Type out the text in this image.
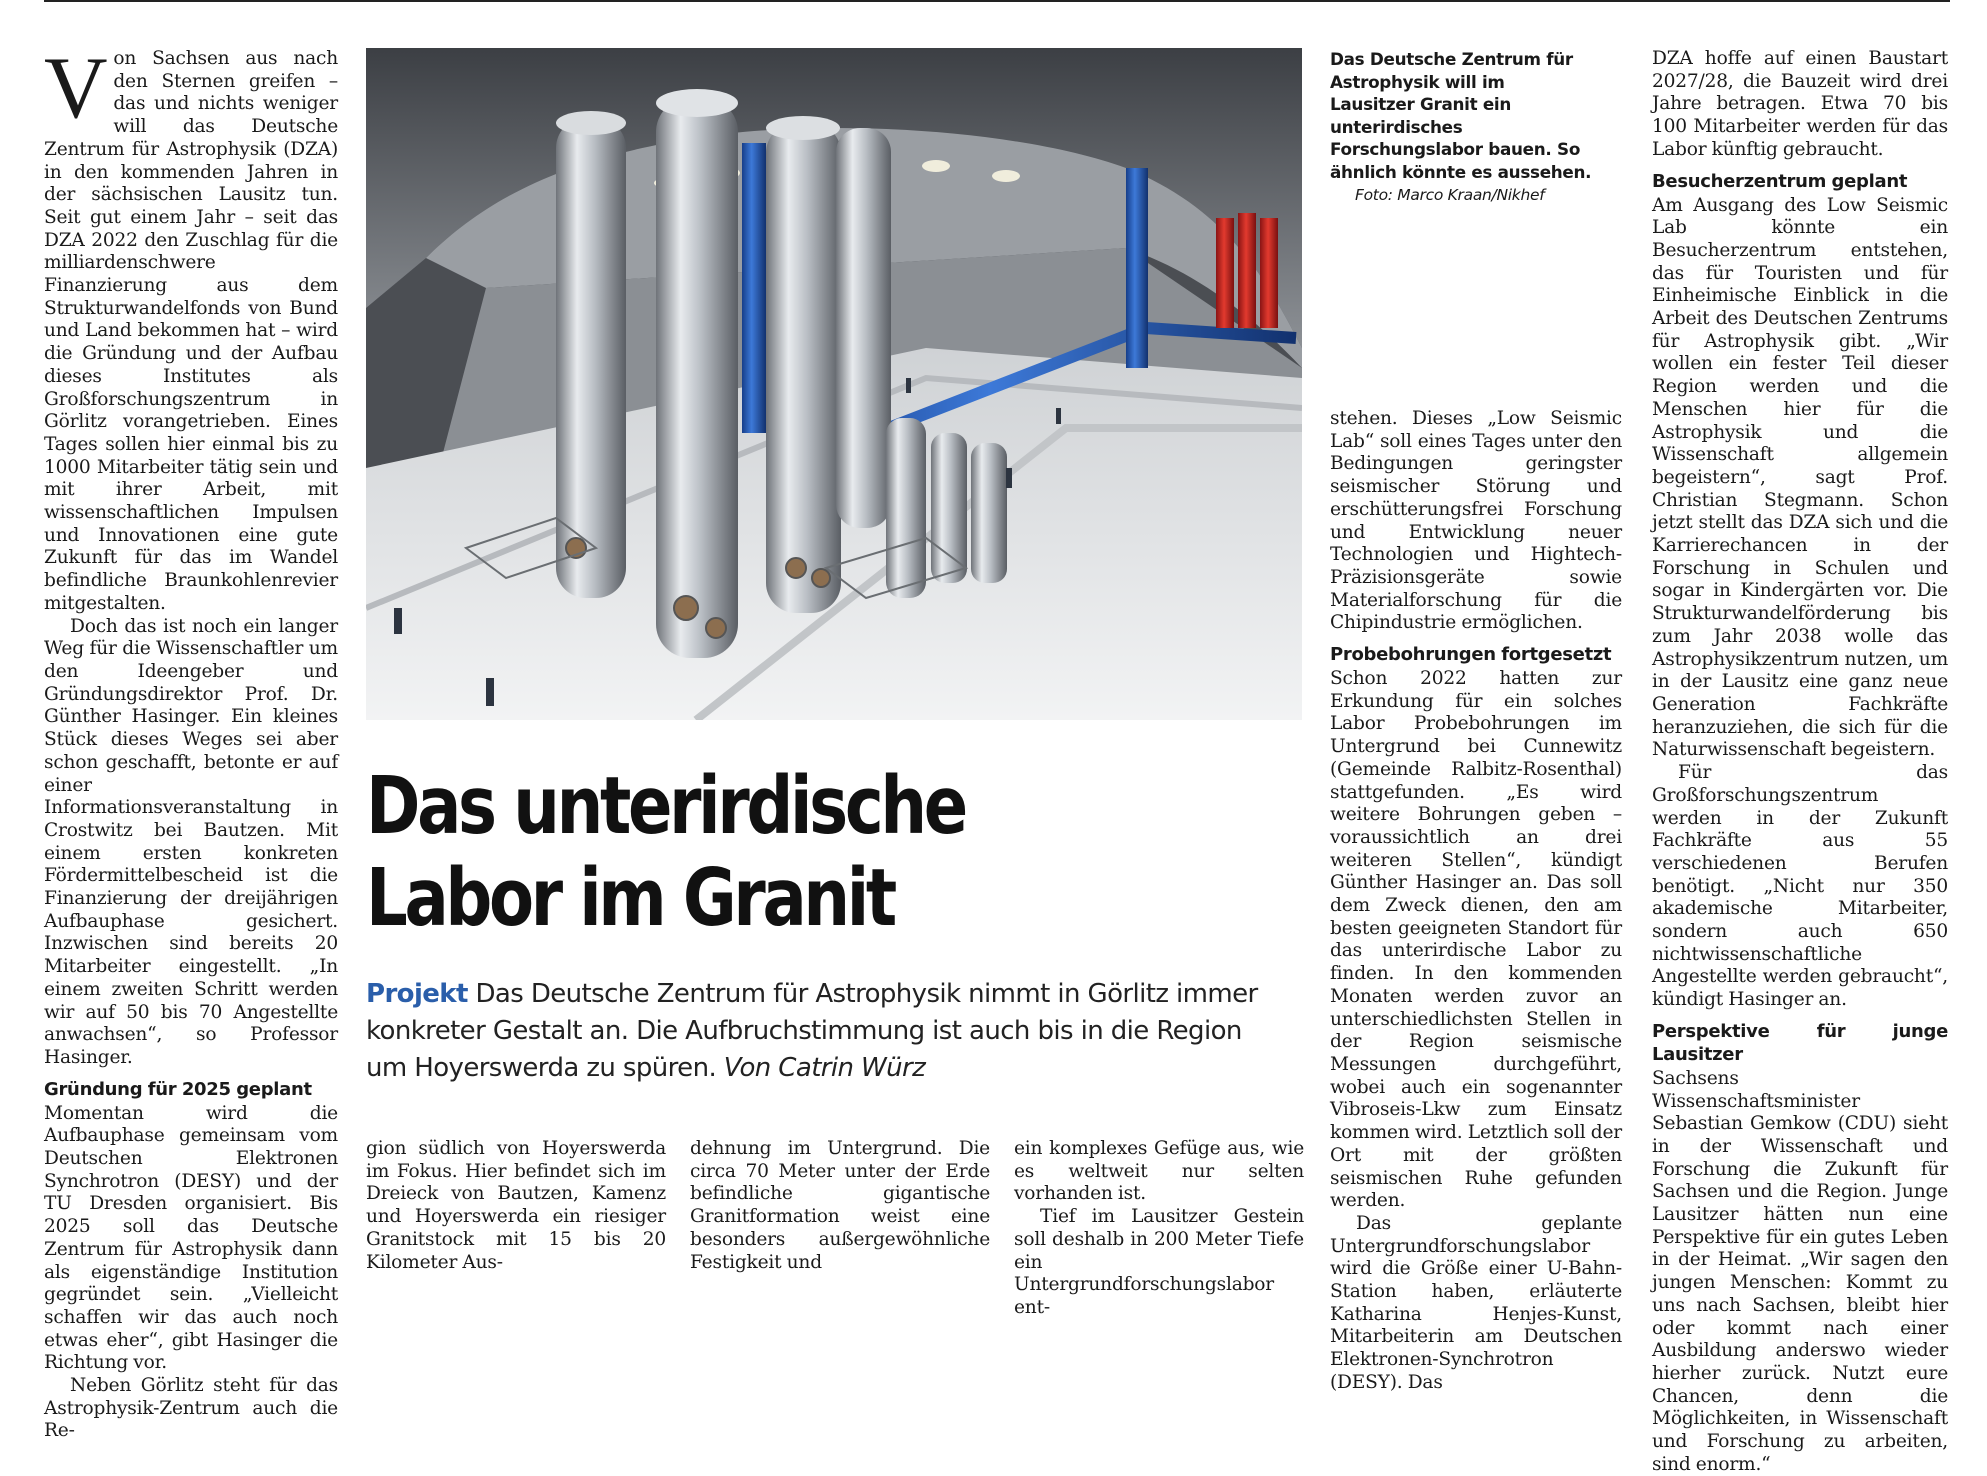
Von Sachsen aus nach den Sternen greifen – das und nichts weniger will das Deutsche Zentrum für Astrophysik (DZA) in den kommenden Jahren in der sächsischen Lausitz tun. Seit gut einem Jahr – seit das DZA 2022 den Zuschlag für die milliardenschwere Finanzierung aus dem Strukturwandelfonds von Bund und Land bekommen hat – wird die Gründung und der Aufbau dieses Institutes als Großforschungszentrum in Görlitz vorangetrieben. Eines Tages sollen hier einmal bis zu 1000 Mitarbeiter tätig sein und mit ihrer Arbeit, mit wissenschaftlichen Impulsen und Innovationen eine gute Zukunft für das im Wandel befindliche Braunkohlenrevier mitgestalten.

Doch das ist noch ein langer Weg für die Wissenschaftler um den Ideengeber und Gründungsdirektor Prof. Dr. Günther Hasinger. Ein kleines Stück dieses Weges sei aber schon geschafft, betonte er auf einer Informationsveranstaltung in Crostwitz bei Bautzen. Mit einem ersten konkreten Fördermittelbescheid ist die Finanzierung der dreijährigen Aufbauphase gesichert. Inzwischen sind bereits 20 Mitarbeiter eingestellt. „In einem zweiten Schritt werden wir auf 50 bis 70 Angestellte anwachsen“, so Professor Hasinger.

Gründung für 2025 geplant

Momentan wird die Aufbauphase gemeinsam vom Deutschen Elektronen Synchrotron (DESY) und der TU Dresden organisiert. Bis 2025 soll das Deutsche Zentrum für Astrophysik dann als eigenständige Institution gegründet sein. „Vielleicht schaffen wir das auch noch etwas eher“, gibt Hasinger die Richtung vor.

Neben Görlitz steht für das Astrophysik-Zentrum auch die Re-

Das Deutsche Zentrum für Astrophysik will im Lausitzer Granit ein unterirdisches Forschungslabor bauen. So ähnlich könnte es aussehen.
Foto: Marco Kraan/Nikhef
Das unterirdische
Labor im Granit
Projekt Das Deutsche Zentrum für Astrophysik nimmt in Görlitz immer konkreter Gestalt an. Die Aufbruchstimmung ist auch bis in die Region um Hoyerswerda zu spüren. Von Catrin Würz

gion südlich von Hoyerswerda im Fokus. Hier befindet sich im Dreieck von Bautzen, Kamenz und Hoyerswerda ein riesiger Granitstock mit 15 bis 20 Kilometer Aus-

dehnung im Untergrund. Die circa 70 Meter unter der Erde befindliche gigantische Granitformation weist eine besonders außergewöhnliche Festigkeit und

ein komplexes Gefüge aus, wie es weltweit nur selten vorhanden ist.

Tief im Lausitzer Gestein soll deshalb in 200 Meter Tiefe ein Untergrundforschungslabor ent-

stehen. Dieses „Low Seismic Lab“ soll eines Tages unter den Bedingungen geringster seismischer Störung und erschütterungsfrei Forschung und Entwicklung neuer Technologien und Hightech-Präzisionsgeräte sowie Materialforschung für die Chipindustrie ermöglichen.

Probebohrungen fortgesetzt

Schon 2022 hatten zur Erkundung für ein solches Labor Probebohrungen im Untergrund bei Cunnewitz (Gemeinde Ralbitz-Rosenthal) stattgefunden. „Es wird weitere Bohrungen geben – voraussichtlich an drei weiteren Stellen“, kündigt Günther Hasinger an. Das soll dem Zweck dienen, den am besten geeigneten Standort für das unterirdische Labor zu finden. In den kommenden Monaten werden zuvor an unterschiedlichsten Stellen in der Region seismische Messungen durchgeführt, wobei auch ein sogenannter Vibroseis-Lkw zum Einsatz kommen wird. Letztlich soll der Ort mit der größten seismischen Ruhe gefunden werden.

Das geplante Untergrundforschungslabor wird die Größe einer U-Bahn-Station haben, erläuterte Katharina Henjes-Kunst, Mitarbeiterin am Deutschen Elektronen-Synchrotron (DESY). Das

DZA hoffe auf einen Baustart 2027/28, die Bauzeit wird drei Jahre betragen. Etwa 70 bis 100 Mitarbeiter werden für das Labor künftig gebraucht.

Besucherzentrum geplant

Am Ausgang des Low Seismic Lab könnte ein Besucherzentrum entstehen, das für Touristen und für Einheimische Einblick in die Arbeit des Deutschen Zentrums für Astrophysik gibt. „Wir wollen ein fester Teil dieser Region werden und die Menschen hier für die Astrophysik und die Wissenschaft allgemein begeistern“, sagt Prof. Christian Stegmann. Schon jetzt stellt das DZA sich und die Karrierechancen in der Forschung in Schulen und sogar in Kindergärten vor. Die Strukturwandelförderung bis zum Jahr 2038 wolle das Astrophysikzentrum nutzen, um in der Lausitz eine ganz neue Generation Fachkräfte heranzuziehen, die sich für die Naturwissenschaft begeistern.

Für das Großforschungszentrum werden in der Zukunft Fachkräfte aus 55 verschiedenen Berufen benötigt. „Nicht nur 350 akademische Mitarbeiter, sondern auch 650 nichtwissenschaftliche Angestellte werden gebraucht“, kündigt Hasinger an.

Perspektive für junge Lausitzer

Sachsens Wissenschaftsminister Sebastian Gemkow (CDU) sieht in der Wissenschaft und Forschung die Zukunft für Sachsen und die Region. Junge Lausitzer hätten nun eine Perspektive für ein gutes Leben in der Heimat. „Wir sagen den jungen Menschen: Kommt zu uns nach Sachsen, bleibt hier oder kommt nach einer Ausbildung anderswo wieder hierher zurück. Nutzt eure Chancen, denn die Möglichkeiten, in Wissenschaft und Forschung zu arbeiten, sind enorm.“
